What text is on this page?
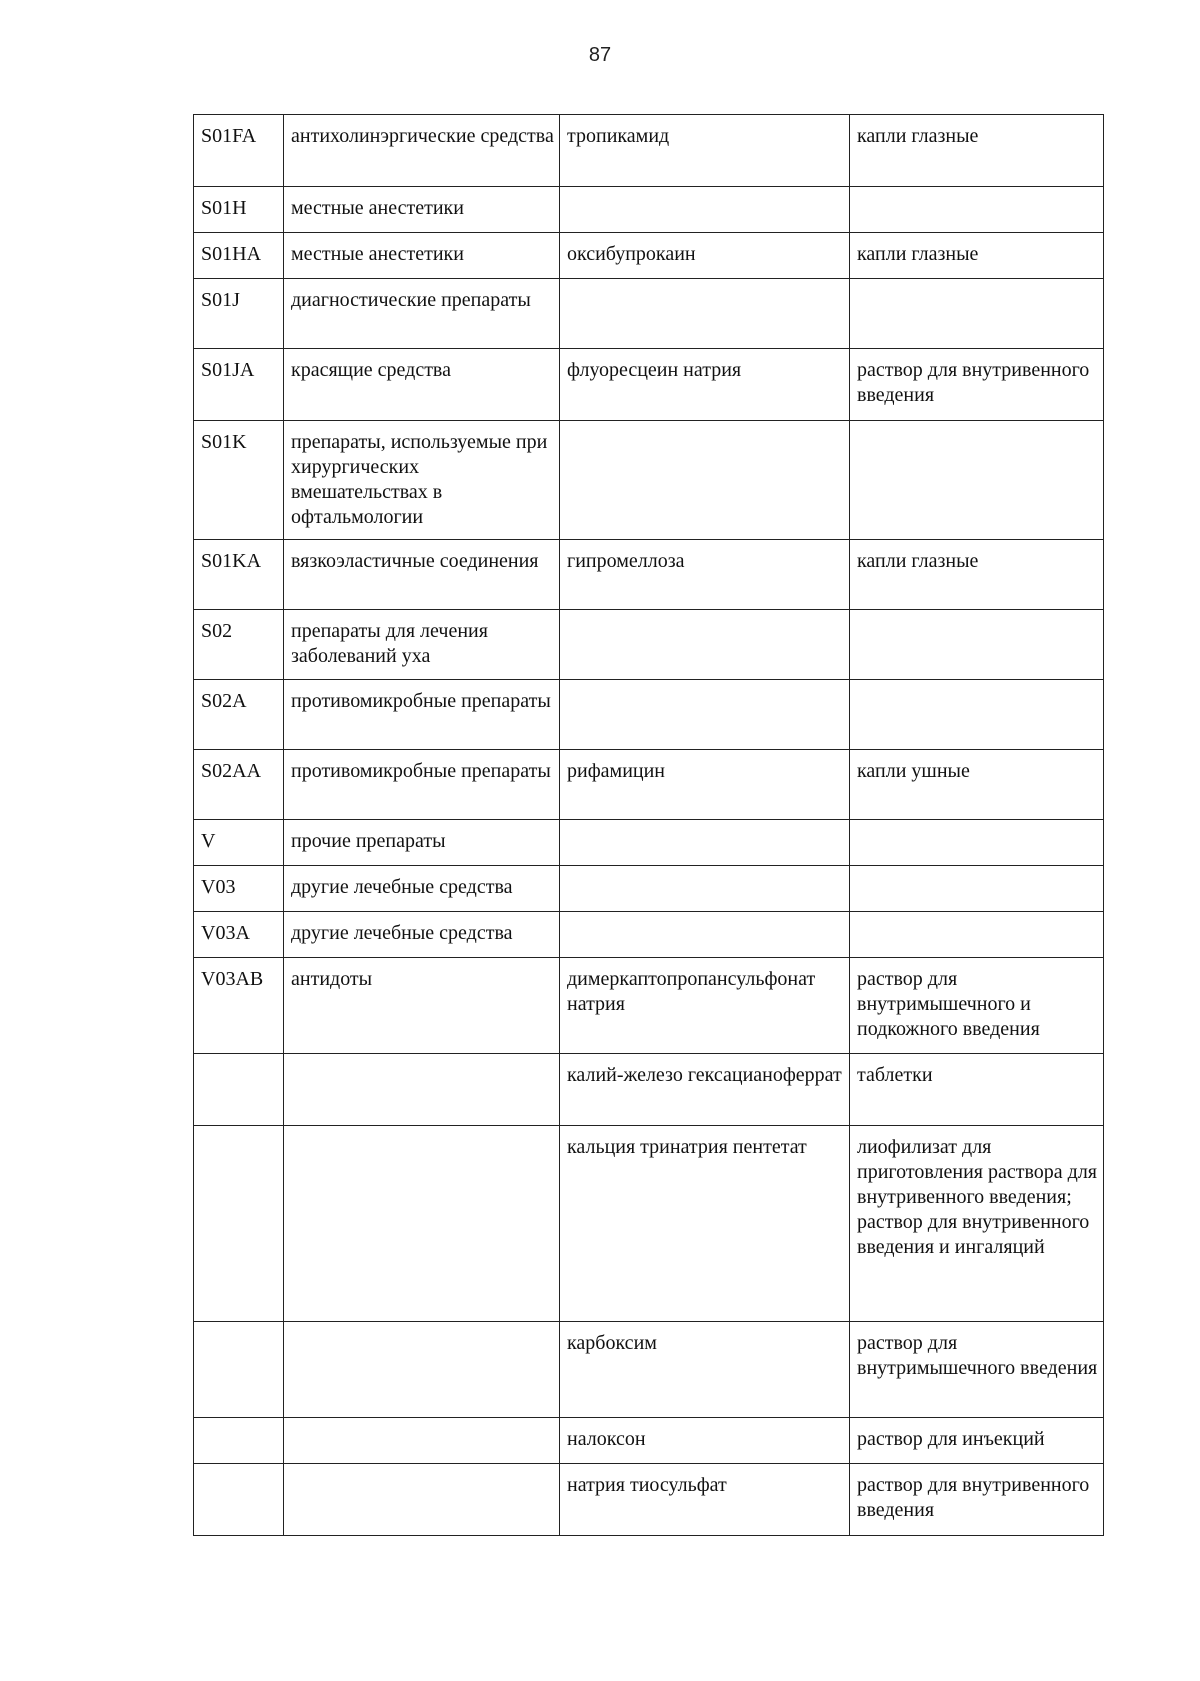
87
S01FA	антихолинэргические средства	тропикамид	капли глазные

S01H	местные анестетики		
S01HA	местные анестетики	оксибупрокаин	капли глазные

S01J	диагностические препараты		
S01JA	красящие средства	флуоресцеин натрия	раствор для внутривенного введения

S01K	препараты, используемые при хирургических вмешательствах в офтальмологии		
S01KA	вязкоэластичные соединения	гипромеллоза	капли глазные

S02	препараты для лечения заболеваний уха		
S02A	противомикробные препараты		
S02AA	противомикробные препараты	рифамицин	капли ушные

V	прочие препараты		
V03	другие лечебные средства		
V03A	другие лечебные средства		
V03AB	антидоты	димеркаптопропансульфонат натрия	раствор для внутримышечного и подкожного введения

		калий-железо гексацианоферрат	таблетки

		кальция тринатрия пентетат	лиофилизат для приготовления раствора для внутривенного введения;
раствор для внутривенного введения и ингаляций

		карбоксим	раствор для внутримышечного введения

		налоксон	раствор для инъекций

		натрия тиосульфат	раствор для внутривенного введения
